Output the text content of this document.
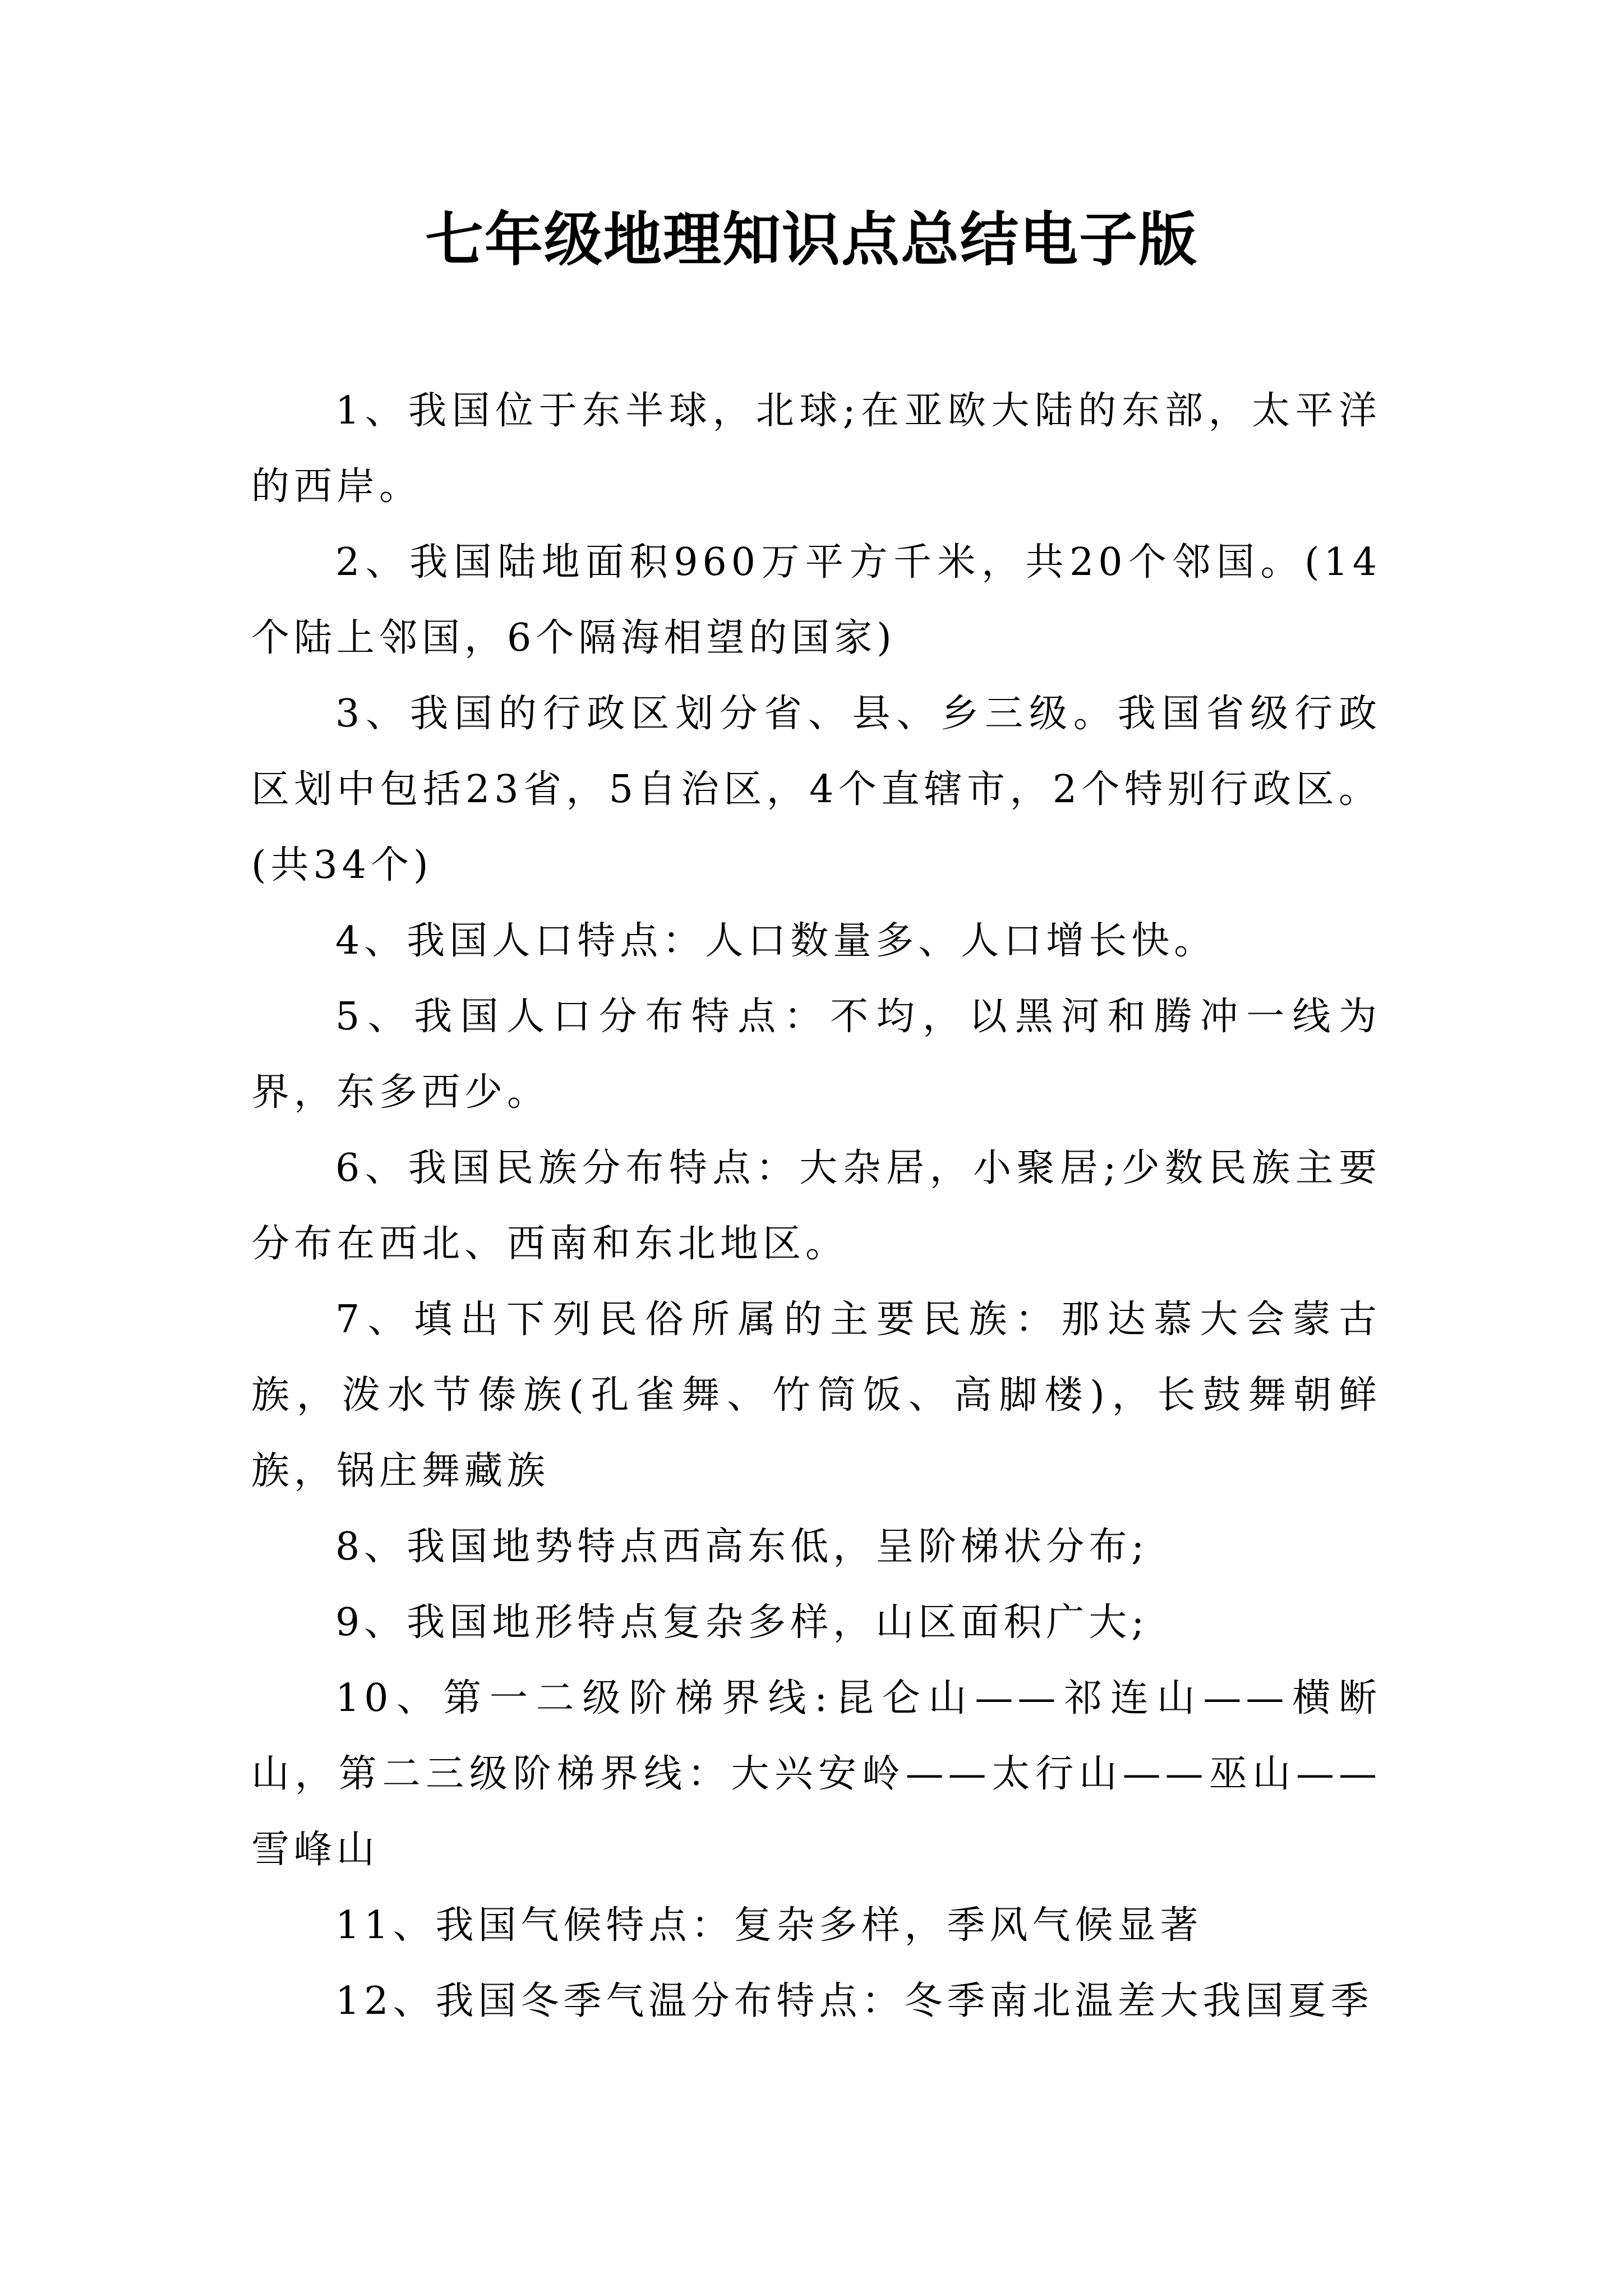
七年级地理知识点总结电子版

1、我国位于东半球，北球;在亚欧大陆的东部，太平洋的西岸。

2、我国陆地面积960万平方千米，共20个邻国。(14个陆上邻国，6个隔海相望的国家)

3、我国的行政区划分省、县、乡三级。我国省级行政区划中包括23省，5自治区，4个直辖市，2个特别行政区。(共34个)

4、我国人口特点：人口数量多、人口增长快。

5、我国人口分布特点：不均，以黑河和腾冲一线为界，东多西少。

6、我国民族分布特点：大杂居，小聚居;少数民族主要分布在西北、西南和东北地区。

7、填出下列民俗所属的主要民族：那达慕大会蒙古族，泼水节傣族(孔雀舞、竹筒饭、高脚楼)，长鼓舞朝鲜族，锅庄舞藏族

8、我国地势特点西高东低，呈阶梯状分布;

9、我国地形特点复杂多样，山区面积广大;

10、第一二级阶梯界线:昆仑山——祁连山——横断山，第二三级阶梯界线：大兴安岭——太行山——巫山——雪峰山

11、我国气候特点：复杂多样，季风气候显著

12、我国冬季气温分布特点：冬季南北温差大我国夏季
